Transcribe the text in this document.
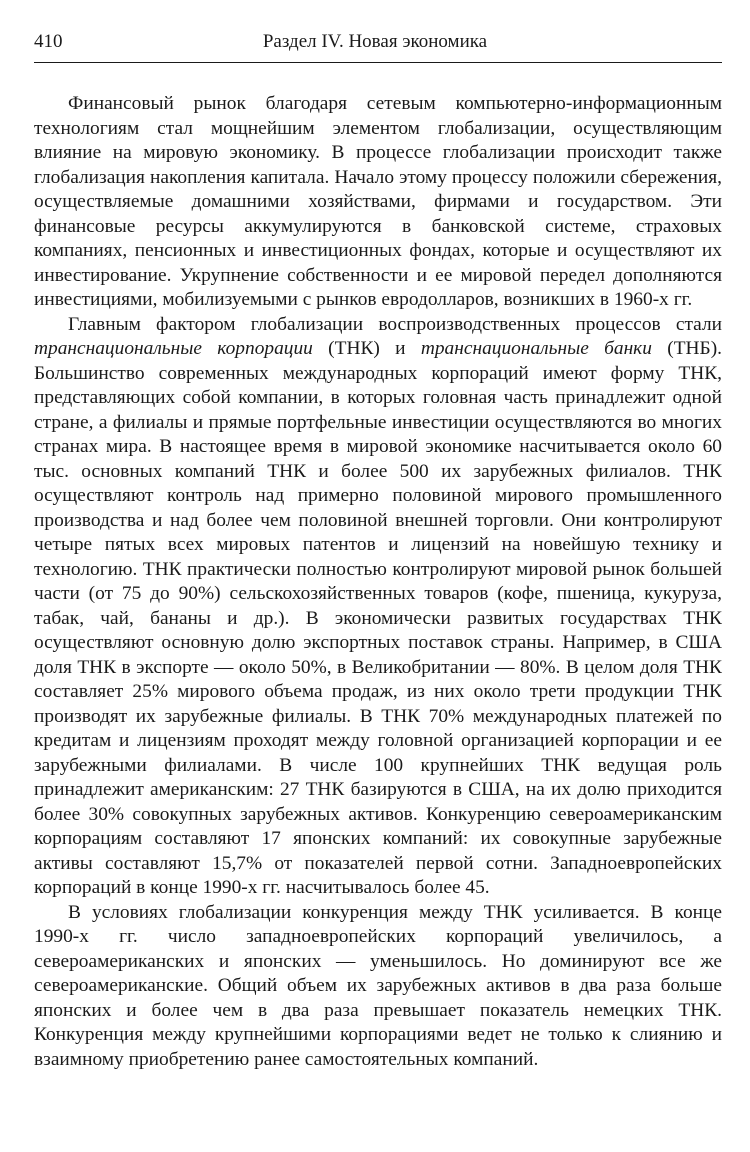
410	Раздел IV. Новая экономика

Финансовый рынок благодаря сетевым компьютерно-информационным технологиям стал мощнейшим элементом глобализации, осуществляющим влияние на мировую экономику. В процессе глобализации происходит также глобализация накопления капитала. Начало этому процессу положили сбережения, осуществляемые домашними хозяйствами, фирмами и государством. Эти финансовые ресурсы аккумулируются в банковской системе, страховых компаниях, пенсионных и инвестиционных фондах, которые и осуществляют их инвестирование. Укрупнение собственности и ее мировой передел дополняются инвестициями, мобилизуемыми с рынков евродолларов, возникших в 1960-х гг.

Главным фактором глобализации воспроизводственных процессов стали транснациональные корпорации (ТНК) и транснациональные банки (ТНБ). Большинство современных международных корпораций имеют форму ТНК, представляющих собой компании, в которых головная часть принадлежит одной стране, а филиалы и прямые портфельные инвестиции осуществляются во многих странах мира. В настоящее время в мировой экономике насчитывается около 60 тыс. основных компаний ТНК и более 500 их зарубежных филиалов. ТНК осуществляют контроль над примерно половиной мирового промышленного производства и над более чем половиной внешней торговли. Они контролируют четыре пятых всех мировых патентов и лицензий на новейшую технику и технологию. ТНК практически полностью контролируют мировой рынок большей части (от 75 до 90%) сельскохозяйственных товаров (кофе, пшеница, кукуруза, табак, чай, бананы и др.). В экономически развитых государствах ТНК осуществляют основную долю экспортных поставок страны. Например, в США доля ТНК в экспорте — около 50%, в Великобритании — 80%. В целом доля ТНК составляет 25% мирового объема продаж, из них около трети продукции ТНК производят их зарубежные филиалы. В ТНК 70% международных платежей по кредитам и лицензиям проходят между головной организацией корпорации и ее зарубежными филиалами. В числе 100 крупнейших ТНК ведущая роль принадлежит американским: 27 ТНК базируются в США, на их долю приходится более 30% совокупных зарубежных активов. Конкуренцию североамериканским корпорациям составляют 17 японских компаний: их совокупные зарубежные активы составляют 15,7% от показателей первой сотни. Западноевропейских корпораций в конце 1990-х гг. насчитывалось более 45.

В условиях глобализации конкуренция между ТНК усиливается. В конце 1990-х гг. число западноевропейских корпораций увеличилось, а североамериканских и японских — уменьшилось. Но доминируют все же североамериканские. Общий объем их зарубежных активов в два раза больше японских и более чем в два раза превышает показатель немецких ТНК. Конкуренция между крупнейшими корпорациями ведет не только к слиянию и взаимному приобретению ранее самостоятельных компаний.
